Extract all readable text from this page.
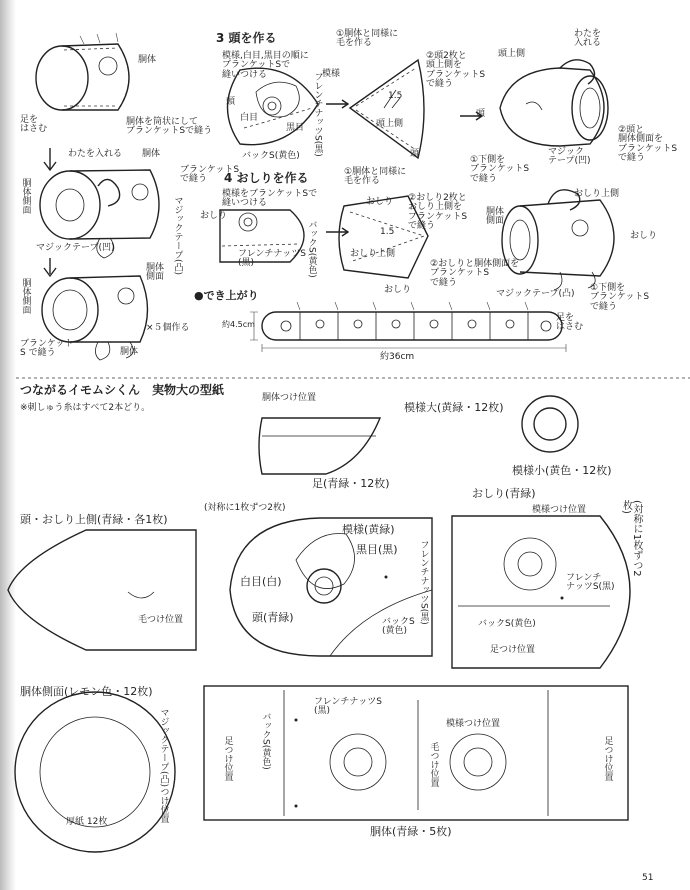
胴体
足を
はさむ
胴体を筒状にして
ブランケットSで縫う
わたを入れる 胴体
ブランケットS
で縫う
胴体側面
マジックテープ(凹)	マジックテープ(凸)
胴体
側面
胴体側面
ブランケット
S で縫う
×５個作る
胴体
3 頭を作る
模様,白目,黒目の順に
ブランケットSで
縫いつける	模様
頭
白目
黒目
バックS(黄色) フレンチナッツS(黒)
①胴体と同様に
毛を作る
②頭2枚と
頭上側を
ブランケットS
で縫う
1.5
頭上側
頭
わたを
入れる
頭上側
頭
マジック
テープ(凹)
②頭と
胴体側面を
ブランケットS
で縫う
①下側を
ブランケットS
で縫う
4 おしりを作る
模様をブランケットSで
縫いつける
おしり
フレンチナッツS
(黒)	バックS(黄色)
①胴体と同様に
毛を作る
②おしり2枚と
おしり上側を
ブランケットS
で縫う
おしり
1.5
おしり上側
おしり
おしり上側
胴体
側面
おしり
②おしりと胴体側面を
ブランケットS
で縫う
マジックテープ(凸)
①下側を
ブランケットS
で縫う
足を
はさむ
●でき上がり
約4.5cm
約36cm
つながるイモムシくん　実物大の型紙
※刺しゅう糸はすべて2本どり。
胴体つけ位置
足(青緑・12枚)
模様大(黄緑・12枚)
模様小(黄色・12枚)
頭・おしり上側(青緑・各1枚)
毛つけ位置
(対称に1枚ずつ2枚)
模様(黄緑)
黒目(黒)
白目(白)
頭(青緑)	フレンチナッツS(黒)
バックS
(黄色)
おしり(青緑)
模様つけ位置	(対称に1枚ずつ2枚)
フレンチ
ナッツS(黒)
バックS(黄色)
足つけ位置
胴体側面(レモン色・12枚)
マジックテープ(凸)つけ位置
厚紙 12枚
フレンチナッツS
(黒)
バックS(黄色)
足つけ位置	毛つけ位置
模様つけ位置
足つけ位置
胴体(青緑・5枚)
51
